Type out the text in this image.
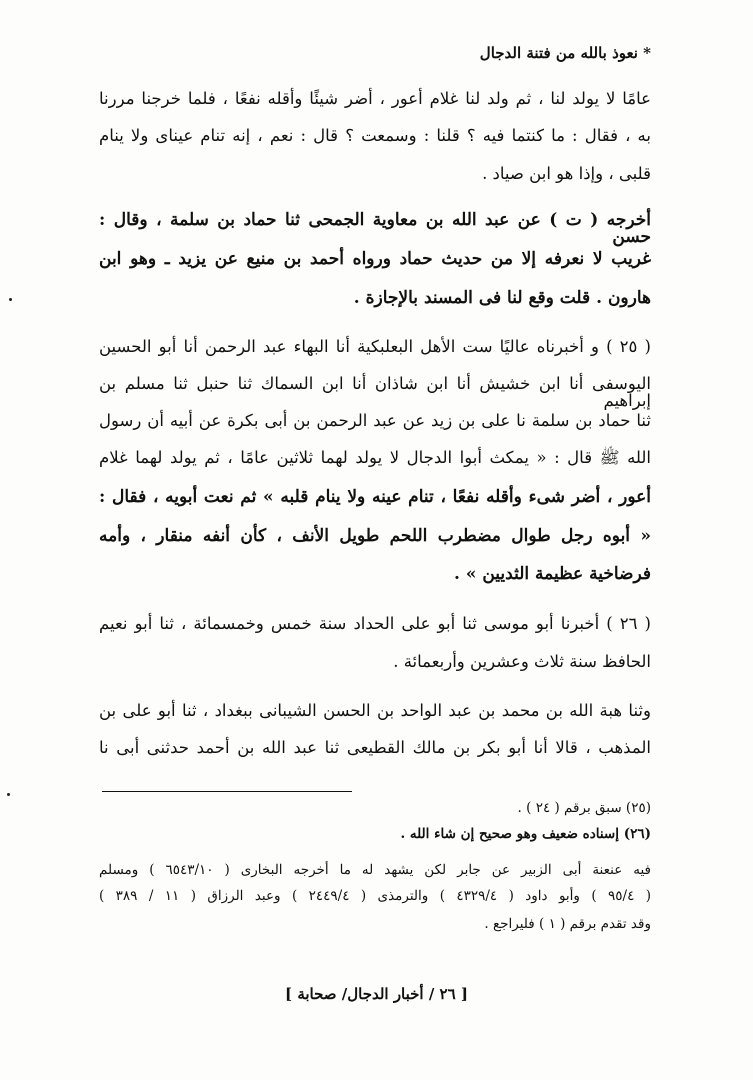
* نعوذ بالله من فتنة الدجال
عامًا لا يولد لنا ، ثم ولد لنا غلام أعور ، أضر شيئًا وأقله نفعًا ، فلما خرجنا مررنا
به ، فقال : ما كنتما فيه ؟ قلنا : وسمعت ؟ قال : نعم ، إنه تنام عيناى ولا ينام
قلبى ، وإذا هو ابن صياد .
أخرجه ( ت ) عن عبد الله بن معاوية الجمحى ثنا حماد بن سلمة ، وقال : حسن
غريب لا نعرفه إلا من حديث حماد ورواه أحمد بن منيع عن يزيد ـ وهو ابن
هارون . قلت وقع لنا فى المسند بالإجازة .
( ٢٥ ) و أخبرناه عاليًا ست الأهل البعلبكية أنا البهاء عبد الرحمن أنا أبو الحسين
اليوسفى أنا ابن خشيش أنا ابن شاذان أنا ابن السماك ثنا حنبل ثنا مسلم بن إبراهيم
ثنا حماد بن سلمة نا على بن زيد عن عبد الرحمن بن أبى بكرة عن أبيه أن رسول
الله ﷺ قال : « يمكث أبوا الدجال لا يولد لهما ثلاثين عامًا ، ثم يولد لهما غلام
أعور ، أضر شىء وأقله نفعًا ، تنام عينه ولا ينام قلبه » ثم نعت أبويه ، فقال :
« أبوه رجل طوال مضطرب اللحم طويل الأنف ، كأن أنفه منقار ، وأمه
فرضاخية عظيمة الثديين » .
( ٢٦ ) أخبرنا أبو موسى ثنا أبو على الحداد سنة خمس وخمسمائة ، ثنا أبو نعيم
الحافظ سنة ثلاث وعشرين وأربعمائة .
وثنا هبة الله بن محمد بن عبد الواحد بن الحسن الشيبانى ببغداد ، ثنا أبو على بن
المذهب ، قالا أنا أبو بكر بن مالك القطيعى ثنا عبد الله بن أحمد حدثنى أبى نا
(٢٥) سبق برقم ( ٢٤ ) .
(٢٦) إسناده ضعيف وهو صحيح إن شاء الله .
فيه عنعنة أبى الزبير عن جابر لكن يشهد له ما أخرجه البخارى ( ٦٥٤٣/١٠ ) ومسلم
( ٩٥/٤ ) وأبو داود ( ٤٣٢٩/٤ ) والترمذى ( ٢٤٤٩/٤ ) وعبد الرزاق ( ١١ / ٣٨٩ )
وقد تقدم برقم ( ١ ) فليراجع .
[ ٢٦ / أخبار الدجال/ صحابة ]
